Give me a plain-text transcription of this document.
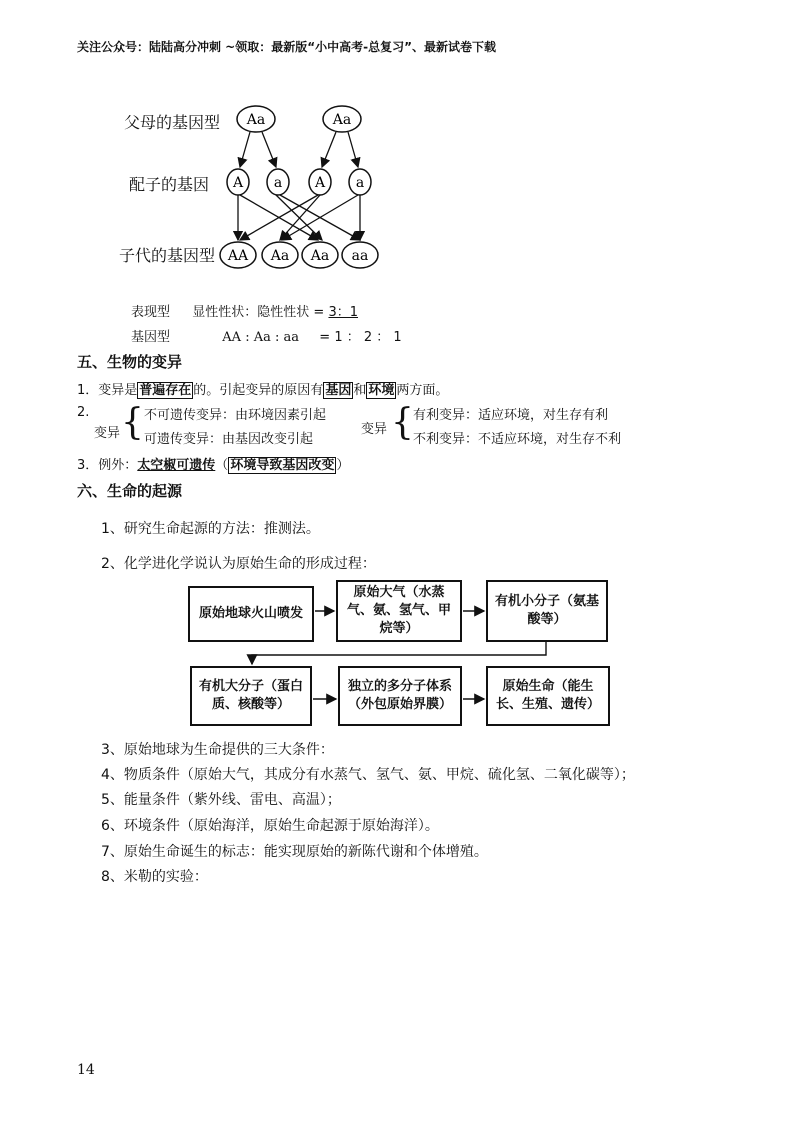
关注公众号：陆陆高分冲刺 ~领取：最新版“小中高考-总复习”、最新试卷下载
父母的基因型
配子的基因
子代的基因型
Aa	Aa
A a A a
AA Aa Aa aa
表现型 显性性状：隐性性状 = 3：1
基因型	AA : Aa : aa = 1 ： 2 ： 1
五、生物的变异
1．变异是 普遍存在 的。引起变异的原因有 基因 和 环境 两方面。
2.
变异 { 不可遗传变异：由环境因素引起
可遗传变异：由基因改变引起
变异 { 有利变异：适应环境，对生存有利
不利变异：不适应环境，对生存不利
3．例外：太空椒可遗传（ 环境导致基因改变 ）
六、生命的起源
1、研究生命起源的方法：推测法。
2、化学进化学说认为原始生命的形成过程：
原始地球火山喷发
原始大气（水蒸气、氨、氢气、甲烷等）
有机小分子（氨基酸等）
有机大分子（蛋白质、核酸等）
独立的多分子体系（外包原始界膜）
原始生命（能生长、生殖、遗传）
3、原始地球为生命提供的三大条件：
4、物质条件（原始大气，其成分有水蒸气、氢气、氨、甲烷、硫化氢、二氧化碳等）；
5、能量条件（紫外线、雷电、高温）；
6、环境条件（原始海洋，原始生命起源于原始海洋）。
7、原始生命诞生的标志：能实现原始的新陈代谢和个体增殖。
8、米勒的实验：
14
